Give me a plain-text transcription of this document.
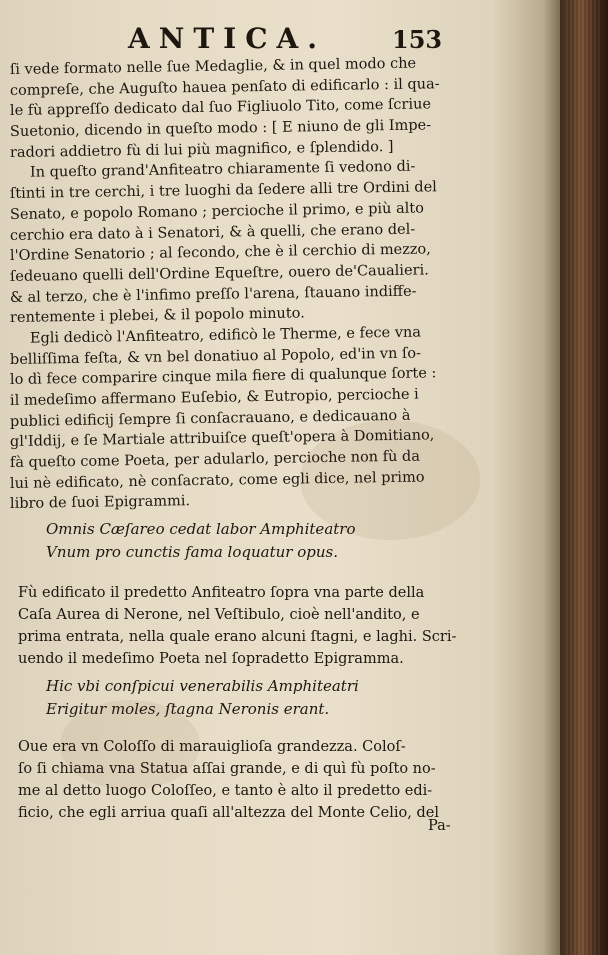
ANTICA.	153
ſi vede formato nelle ſue Medaglie, & in quel modo che
compreſe, che Auguſto haueа penſato di edificarlo : il qua-
le fù appreſſo dedicato dal ſuo Figliuolo Tito, come ſcriue
Suetonio, dicendo in queſto modo : [ E niuno de gli Impe-
radori addietro fù di lui più magnifico, e ſplendido. ]
In queſto grand'Anfiteatro chiaramente ſi vedono di-
ſtinti in tre cerchi, i tre luoghi da ſedere alli tre Ordini del
Senato, e popolo Romano ; percioche il primo, e più alto
cerchio era dato à i Senatori, & à quelli, che erano del-
l'Ordine Senatorio ; al ſecondo, che è il cerchio di mezzo,
ſedeuano quelli dell'Ordine Equeſtre, ouero de'Caualieri.
& al terzo, che è l'infimo preſſo l'arena, ſtauano indiffe-
rentemente i plebei, & il popolo minuto.
Egli dedicò l'Anfiteatro, edificò le Therme, e fece vna
belliſſima feſta, & vn bel donatiuo al Popolo, ed'in vn ſo-
lo dì fece comparire cinque mila fiere di qualunque ſorte :
il medeſimo affermano Euſebio, & Eutropio, percioche i
publici edificij ſempre ſi conſacrauano, e dedicauano à
gl'Iddij, e ſe Martiale attribuiſce queſt'opera à Domitiano,
fà queſto come Poeta, per adularlo, percioche non fù da
lui nè edificato, nè conſacrato, come egli dice, nel primo
libro de ſuoi Epigrammi.
Omnis Cæſareo cedat labor Amphiteatro
Vnum pro cunctis fama loquatur opus.
Fù edificato il predetto Anfiteatro ſopra vna parte della
Caſa Aurea di Nerone, nel Veſtibulo, cioè nell'andito, e
prima entrata, nella quale erano alcuni ſtagni, e laghi. Scri-
uendo il medeſimo Poeta nel ſopradetto Epigramma.
Hic vbi conſpicui venerabilis Amphiteatri
Erigitur moles, ſtagna Neronis erant.
Oue era vn Coloſſo di marauiglioſa grandezza. Coloſ-
ſo ſi chiama vna Statua aſſai grande, e di quì fù poſto no-
me al detto luogo Coloſſeo, e tanto è alto il predetto edi-
ficio, che egli arriua quaſi all'altezza del Monte Celio, del
Pa-
